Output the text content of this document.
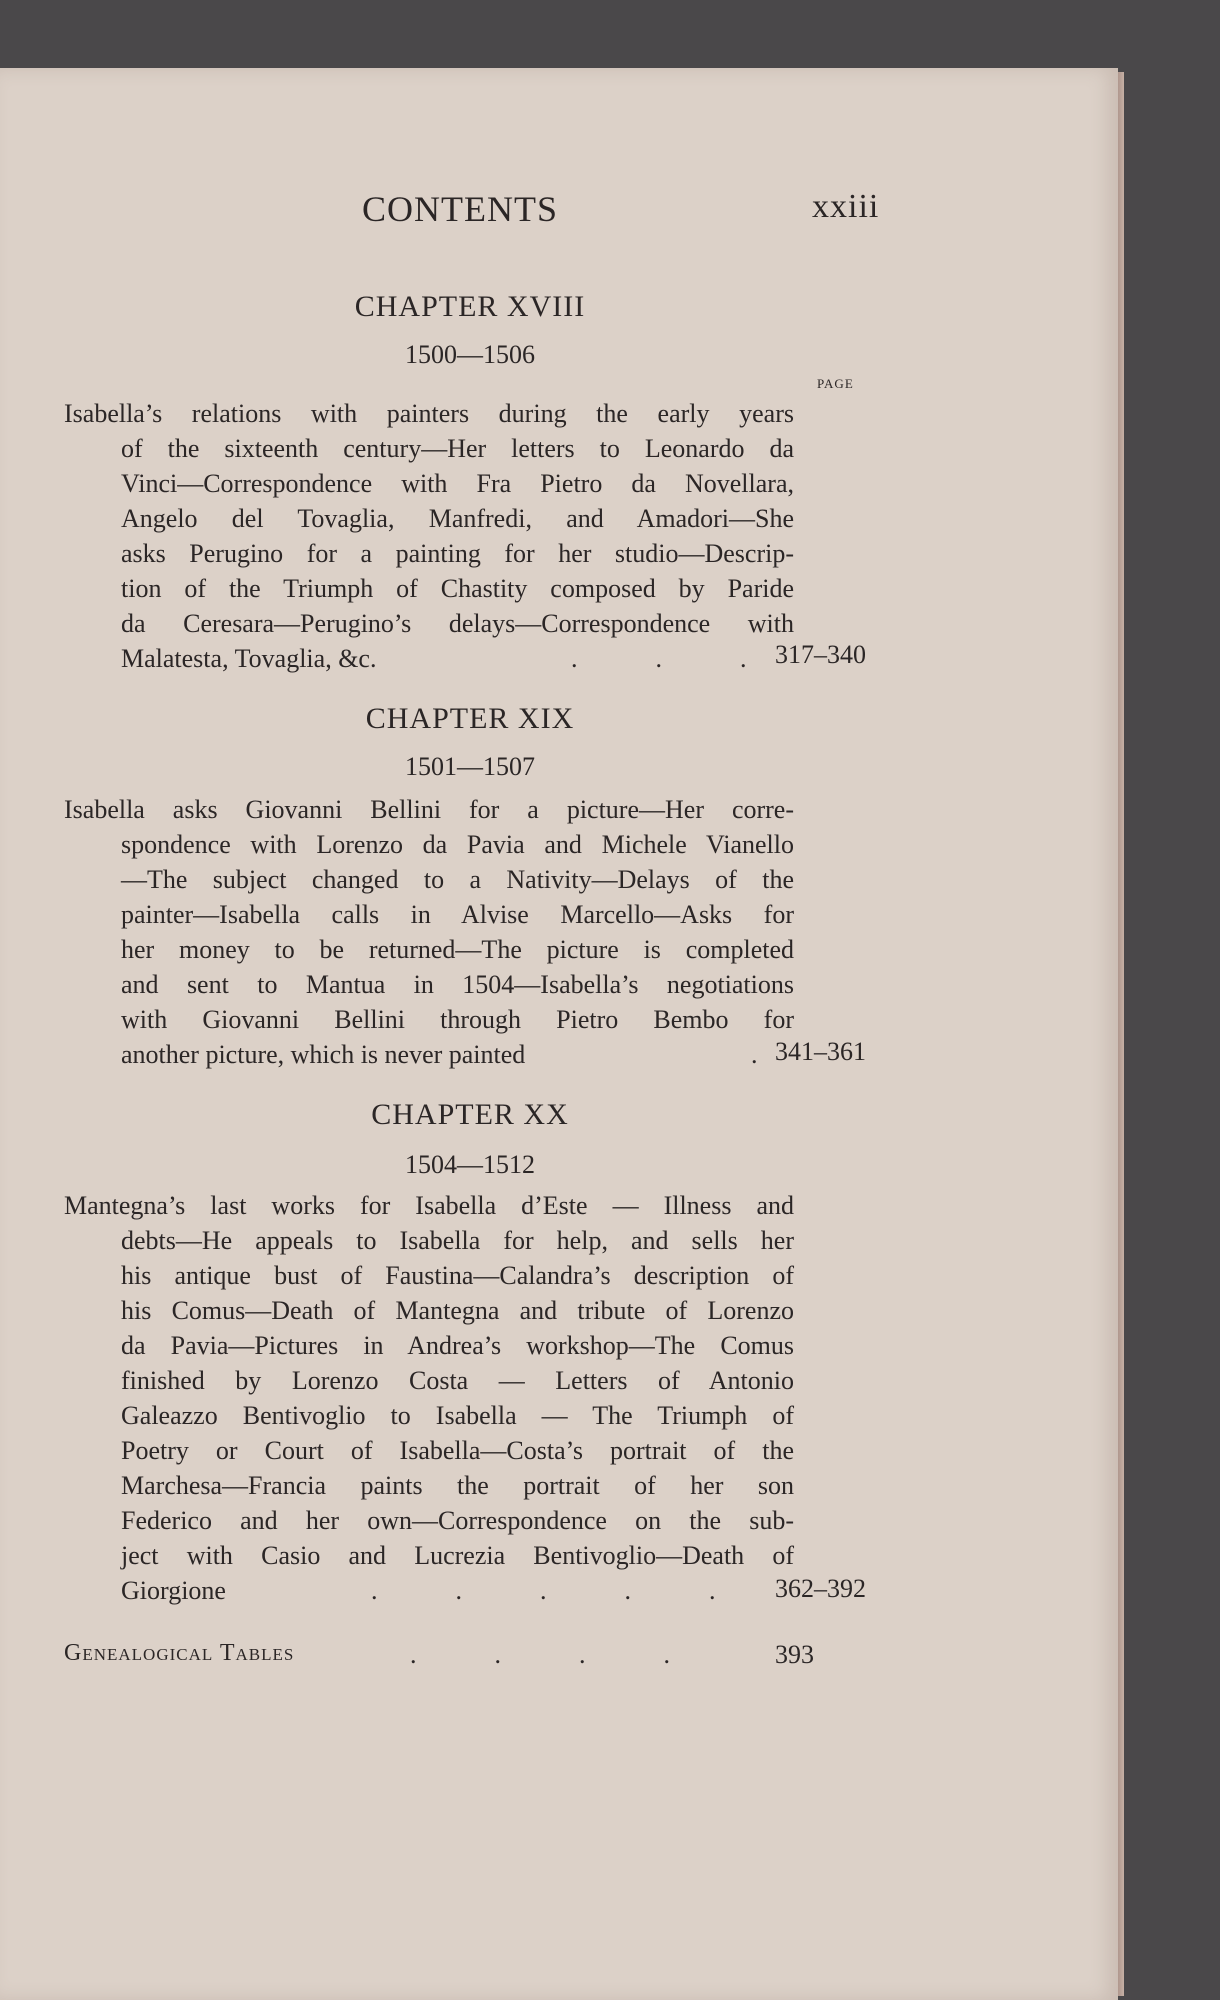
CONTENTS	xxiii
CHAPTER XVIII
1500—1506
PAGE
Isabella’s relations with painters during the early years
of the sixteenth century—Her letters to Leonardo da
Vinci—Correspondence with Fra Pietro da Novellara,
Angelo del Tovaglia, Manfredi, and Amadori—She
asks Perugino for a painting for her studio—Descrip-
tion of the Triumph of Chastity composed by Paride
da Ceresara—Perugino’s delays—Correspondence with
Malatesta, Tovaglia, &c.	.   .   . 317–340
CHAPTER XIX
1501—1507
Isabella asks Giovanni Bellini for a picture—Her corre-
spondence with Lorenzo da Pavia and Michele Vianello
—The subject changed to a Nativity—Delays of the
painter—Isabella calls in Alvise Marcello—Asks for
her money to be returned—The picture is completed
and sent to Mantua in 1504—Isabella’s negotiations
with Giovanni Bellini through Pietro Bembo for
another picture, which is never painted	. 341–361
CHAPTER XX
1504—1512
Mantegna’s last works for Isabella d’Este — Illness and
debts—He appeals to Isabella for help, and sells her
his antique bust of Faustina—Calandra’s description of
his Comus—Death of Mantegna and tribute of Lorenzo
da Pavia—Pictures in Andrea’s workshop—The Comus
finished by Lorenzo Costa — Letters of Antonio
Galeazzo Bentivoglio to Isabella — The Triumph of
Poetry or Court of Isabella—Costa’s portrait of the
Marchesa—Francia paints the portrait of her son
Federico and her own—Correspondence on the sub-
ject with Casio and Lucrezia Bentivoglio—Death of
Giorgione	.   .   .   .   . 362–392
Genealogical Tables	.   .   .   .	393
